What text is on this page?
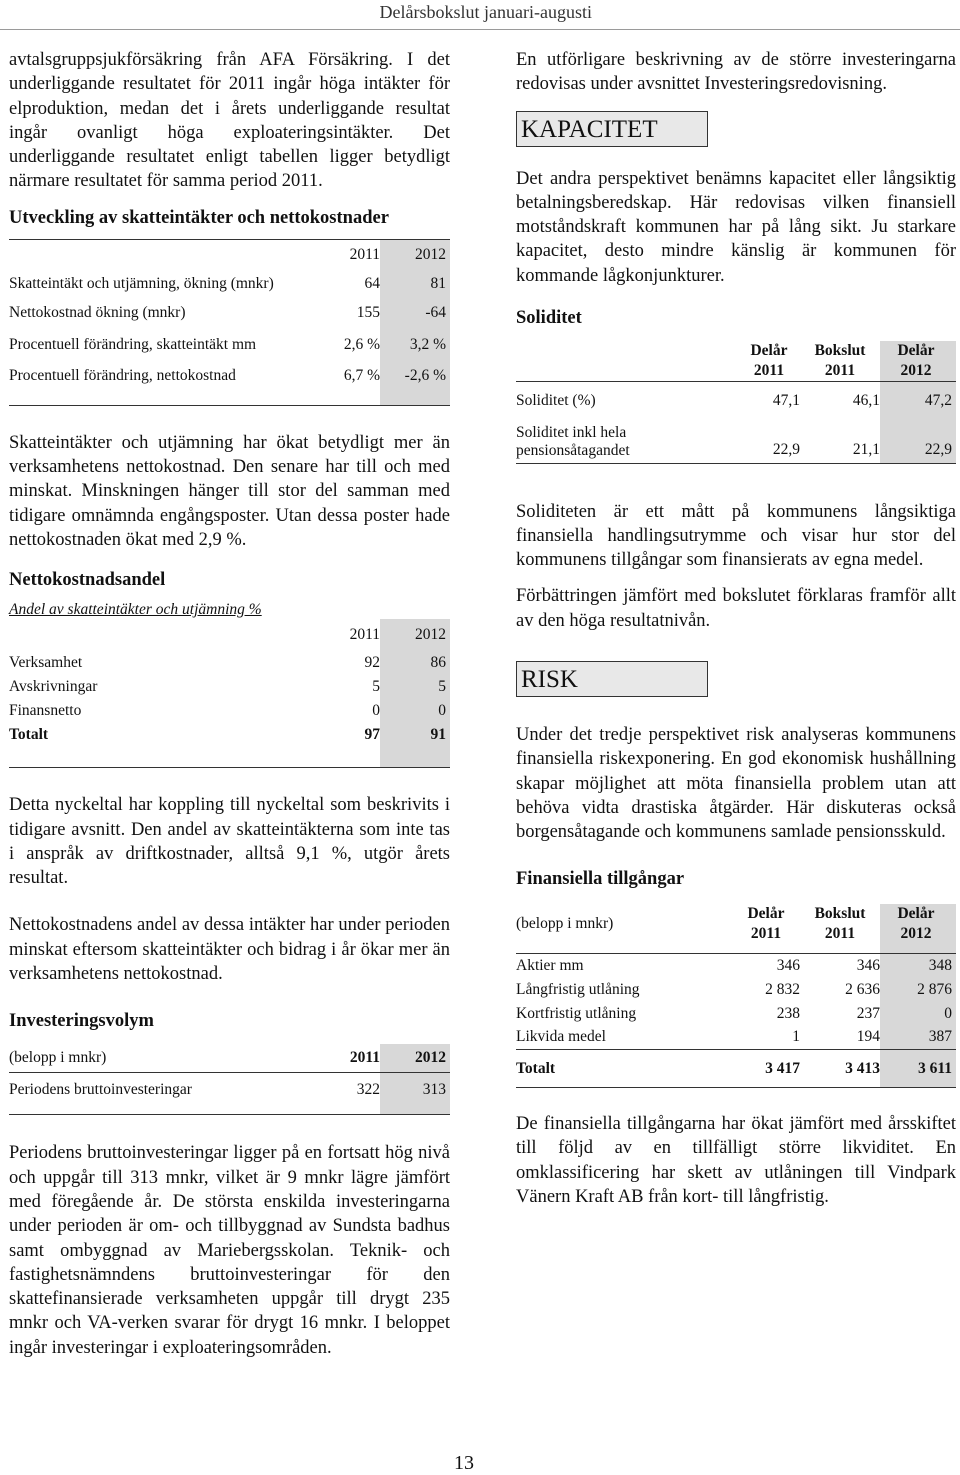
Delårsbokslut januari-augusti

avtalsgruppsjukförsäkring från AFA Försäkring. I det underliggande resultatet för 2011 ingår höga intäkter för elproduktion, medan det i årets underliggande resultat ingår ovanligt höga exploateringsintäkter. Det underliggande resultatet enligt tabellen ligger betydligt närmare resultatet för samma period 2011.

Utveckling av skatteintäkter och nettokostnader

	2011	2012
Skatteintäkt och utjämning, ökning (mnkr)	64	81
Nettokostnad ökning (mnkr)	155	-64
Procentuell förändring, skatteintäkt mm	2,6 %	3,2 %
Procentuell förändring, nettokostnad	6,7 %	-2,6 %

Skatteintäkter och utjämning har ökat betydligt mer än verksamhetens nettokostnad. Den senare har till och med minskat. Minskningen hänger till stor del samman med tidigare omnämnda engångsposter. Utan dessa poster hade nettokostnaden ökat med 2,9 %.

Nettokostnadsandel

Andel av skatteintäkter och utjämning %
	2011	2012
Verksamhet	92	86
Avskrivningar	5	5
Finansnetto	0	0
Totalt	97	91

Detta nyckeltal har koppling till nyckeltal som beskrivits i tidigare avsnitt. Den andel av skatteintäkterna som inte tas i anspråk av driftkostnader, alltså 9,1 %, utgör årets resultat.

Nettokostnadens andel av dessa intäkter har under perioden minskat eftersom skatteintäkter och bidrag i år ökar mer än verksamhetens nettokostnad.

Investeringsvolym

(belopp i mnkr)	2011	2012
Periodens bruttoinvesteringar	322	313

Periodens bruttoinvesteringar ligger på en fortsatt hög nivå och uppgår till 313 mnkr, vilket är 9 mnkr lägre jämfört med föregående år. De största enskilda investeringarna under perioden är om- och tillbyggnad av Sundsta badhus samt ombyggnad av Mariebergsskolan. Teknik- och fastighetsnämndens bruttoinvesteringar för den skattefinansierade verksamheten uppgår till drygt 235 mnkr och VA-verken svarar för drygt 16 mnkr. I beloppet ingår investeringar i exploateringsområden.

En utförligare beskrivning av de större investeringarna redovisas under avsnittet Investeringsredovisning.

KAPACITET

Det andra perspektivet benämns kapacitet eller långsiktig betalningsberedskap. Här redovisas vilken finansiell motståndskraft kommunen har på lång sikt. Ju starkare kapacitet, desto mindre känslig är kommunen för kommande lågkonjunkturer.

Soliditet

	Delår	Bokslut	Delår
	2011	2011	2012
Soliditet (%)	47,1	46,1	47,2

Soliditet inkl hela
pensionsåtagandet	22,9	21,1	22,9

Soliditeten är ett mått på kommunens långsiktiga finansiella handlingsutrymme och visar hur stor del kommunens tillgångar som finansierats av egna medel.

Förbättringen jämfört med bokslutet förklaras framför allt av den höga resultatnivån.

RISK

Under det tredje perspektivet risk analyseras kommunens finansiella riskexponering. En god ekonomisk hushållning skapar möjlighet att möta finansiella problem utan att behöva vidta drastiska åtgärder. Här diskuteras också borgensåtagande och kommunens samlade pensionsskuld.

Finansiella tillgångar

(belopp i mnkr)	Delår	Bokslut	Delår
	2011	2011	2012

Aktier mm	346	346	348
Långfristig utlåning	2 832	2 636	2 876
Kortfristig utlåning	238	237	0
Likvida medel	1	194	387
Totalt	3 417	3 413	3 611

De finansiella tillgångarna har ökat jämfört med årsskiftet till följd av en tillfälligt större likviditet. En omklassificering har skett av utlåningen till Vindpark Vänern Kraft AB från kort- till långfristig.

13
